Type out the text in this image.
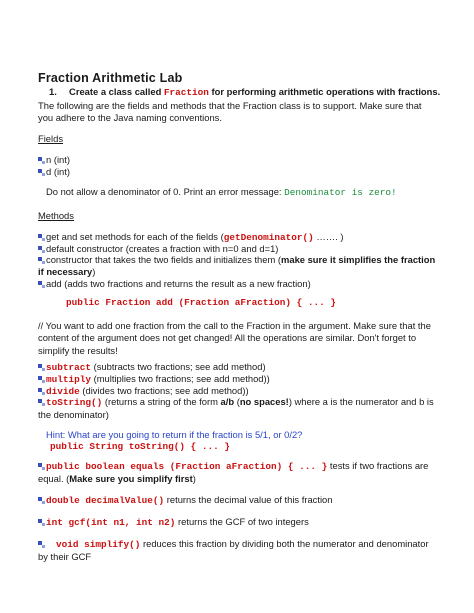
Fraction Arithmetic Lab
1. Create a class called Fraction for performing arithmetic operations with fractions.
The following are the fields and methods that the Fraction class is to support. Make sure that you adhere to the Java naming conventions.
Fields
n (int)
d (int)
Do not allow a denominator of 0. Print an error message: Denominator is zero!
Methods
get and set methods for each of the fields (getDenominator() ……. )
default constructor (creates a fraction with n=0 and d=1)
constructor that takes the two fields and initializes them (make sure it simplifies the fraction if necessary)
add (adds two fractions and returns the result as a new fraction)
public Fraction add (Fraction aFraction) { ... }
// You want to add one fraction from the call to the Fraction in the argument. Make sure that the content of the argument does not get changed! All the operations are similar. Don't forget to simplify the results!
subtract (subtracts two fractions; see add method)
multiply (multiplies two fractions; see add method))
divide (divides two fractions; see add method))
toString() (returns a string of the form a/b (no spaces!) where a is the numerator and b is the denominator)
Hint: What are you going to return if the fraction is 5/1, or 0/2?
public String toString() { ... }
public boolean equals (Fraction aFraction) { ... } tests if two fractions are equal. (Make sure you simplify first)
double decimalValue() returns the decimal value of this fraction
int gcf(int n1, int n2) returns the GCF of two integers
void simplify() reduces this fraction by dividing both the numerator and denominator by their GCF
